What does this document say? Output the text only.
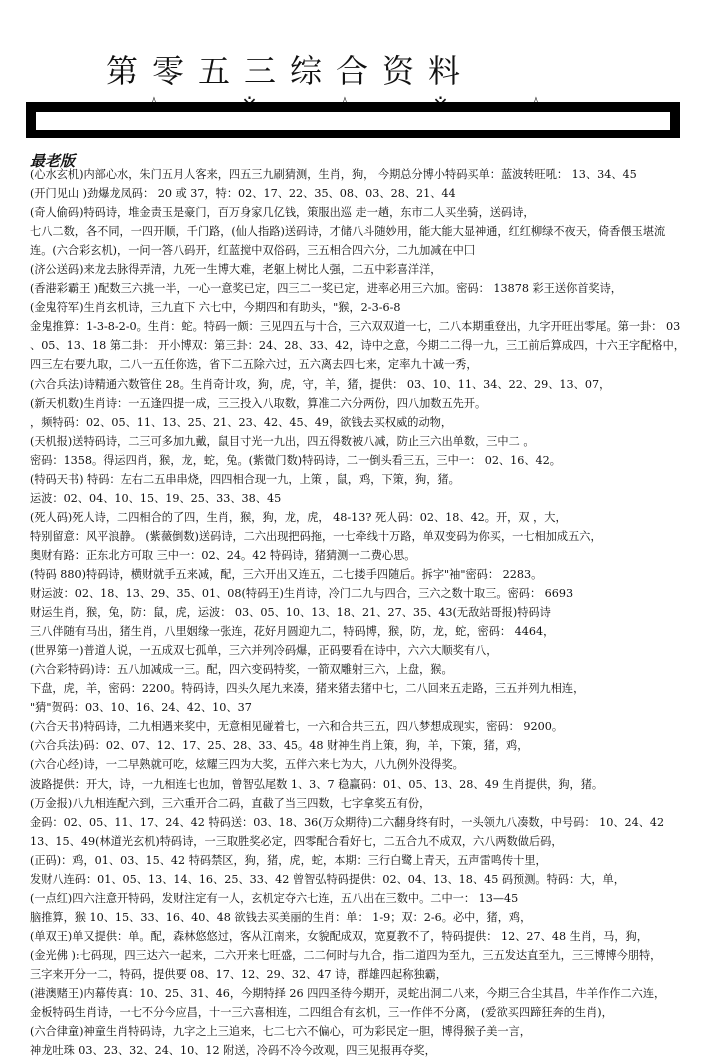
第零五三综合资料
最老版
(心水玄机)内部心水，朱门五月人客来，四五三九刷猜测，生肖，狗， 今期总分博小特码买单：蓝波转旺吼： 13、34、45
(开门见山 )劲爆龙凤码： 20 或 37，特：02、17、22、35、08、03、28、21、44
(奇人偷码)特码诗，堆金责玉是豪门，百万身家几亿钱，策服出巡 走一趟，东市二人买坐骑，送码诗，
七八二数，各不同，一四开顺，千门路，(仙人指路)送码诗，才储八斗随妙用，能大能大显神通，红红柳绿不夜天，倚香偎玉堪流
连。(六合彩玄机)，一问一答八码开，红蓝搅中双俗码，三五相合四六分，二九加减在中囗
(济公送码)来龙去脉得弄清，九死一生博大难，老躯上树比人强，二五中彩喜洋洋，
(香港彩霸王 )配数三六挑一半，一心一意奖已定，四三二一奖已定，进率必用三六加。密码： 13878 彩王送你首奖诗，
(金鬼符军)生肖玄机诗，三九直下 六七中，今期四和有助头，"猴，2-3-6-8
金鬼推算：1-3-8-2-0。生肖：蛇。特码一颇：三见四五与十合，三六双双道一七，二八本期重登出，九字开旺出零尾。第一卦： 03
、05、13、18 第二卦： 开小博双：第三卦：24、28、33、42，诗中之意，今期二二得一九，三工前后算成四，十六王字配格中，
四三左右要九取，二八一五任你选，省下二五除六过，五六离去四七来，定率九十减一秀，
(六合兵法)诗精通六数管住 28。生肖奇计攻，狗，虎，守，羊，猪，提供： 03、10、11、34、22、29、13、07，
(新天机数)生肖诗：一五逢四提一成，三三投入八取数，算准二六分两份，四八加数五先开。
，频特码：02、05、11、13、25、21、23、42、45、49，欲钱去买权威的动物，
(天机报)送特码诗，二三可多加九戴，鼠目寸光一九出，四五得数被八减，防止三六出单数，三中二 。
密码：1358。得运四肖，猴，龙，蛇，兔。(紫微门数)特码诗，二一倒头看三五，三中一： 02、16、42。
(特码天书) 特码：左右二五串串烧，四四相合现一九，上策 ，鼠，鸡，下策，狗，猪。
运波：02、04、10、15、19、25、33、38、45
(死人码)死人诗，二四相合的了四，生肖，猴，狗，龙，虎， 48-13? 死人码：02、18、42。开，双 ，大，
特别留意：风平浪静。 (紫薇倒数)送码诗，二六出现把码拖，一七牵线十万路，单双变码为你买，一七相加成五六，
奥财有路：正东北方可取 三中一：02、24。42 特码诗，猪猜测一二费心思。
(特码 880)特码诗，横财就手五来减，配，三六开出又连五，二七搂手四随后。拆字"袖"密码： 2283。
财运波：02、18、13、29、35、01、08(特码王)生肖诗，冷门二九与四合，三六之数十取三。密码： 6693
财运生肖，猴，兔，防：鼠，虎，运波： 03、05、10、13、18、21、27、35、43(无敌站哥报)特码诗
三八伴随有马出，猪生肖，八里姻缘一张连，花好月圆迎九二，特码博，猴，防，龙，蛇，密码： 4464，
(世界第一)普道人说，一五成双七孤单，三六并列冷码爆，正码要看在诗中，六六大顺奖有八，
(六合彩特码)诗：五八加减成一三。配，四六变码特奖，一箭双雕射三六，上盘，猴。
下盘，虎，羊，密码：2200。特码诗，四头久尾九来凑，猪来猪去猪中七，二八回来五走路，三五并列九相连，
"猜"贺码：03、10、16、24、42、10、37
(六合天书)特码诗，二九相遇来奖中，无意相见碰着七，一六和合共三五，四八梦想成现实，密码： 9200。
(六合兵法)码：02、07、12、17、25、28、33、45。48 财神生肖上策，狗，羊，下策，猪，鸡，
(六合心经)诗，一二早熟就可吃，炫耀三四为大奖，五伴六来七为大，八九例外没得奖。
波路提供：开大，诗，一九相连七也加，曾智弘尾数 1、3、7 稳赢码：01、05、13、28、49 生肖提供，狗，猪。
(万金报)八九相连配六到，三六重开合二码，直截了当三四数，七字拿奖五有份，
金码：02、05、11、17、24、42 特码送：03、18、36(万众期待)二六翻身终有时，一头领九八凑数，中号码： 10、24、42
13、15、49(林道光玄机)特码诗，一三取胜奖必定，四零配合看好七，二五合九不成双，六八两数做后码，
(正码)：鸡，01、03、15、42 特码禁区，狗，猪，虎，蛇，本期：三行白鹭上青天，五声雷鸣传十里，
发财八连码：01、05、13、14、16、25、33、42 曾智弘特码提供：02、04、13、18、45 码预测。特码：大，单，
(一点红)四六注意开特码，发财注定有一人，玄机定夺六七连，五八出在三数中。二中一： 13—45
脑推算，猴 10、15、33、16、40、48 欲钱去买美丽的生肖：单： 1-9；双：2-6。必中，猪，鸡，
(单双王)单又提供：单。配，森林悠悠过，客从江南来，女貌配成双，宽夏教不了，特码提供： 12、27、48 生肖，马，狗，
(金光佛 ):七码现，四三达六一起来，二六开来七旺盛，二二何时与九合，指二道四为至九，三五发达直至九，三三博博今朋特，
三字来开分一二，特码，提供要 08、17、12、29、32、47 诗，群雄四起称独霸，
(港澳赌王)内幕传真：10、25、31、46，今期特择 26 四四圣待今期开，灵蛇出洞二八来，今期三合尘其昌，牛羊作作二六连，
金板特码生肖诗，一七不分今应昌，十一三六喜相连，二四组合有玄机，三一作伴不分离， (爱欲买四蹄狂奔的生肖)，
(六合律童)神童生肖特码诗，九字之上三追来，七二七六不偏心，可为彩民定一胆，博得猴子美一言，
神龙吐珠 03、23、32、24、10、12 附送，冷码不冷今改观，四三见报再夺奖，
